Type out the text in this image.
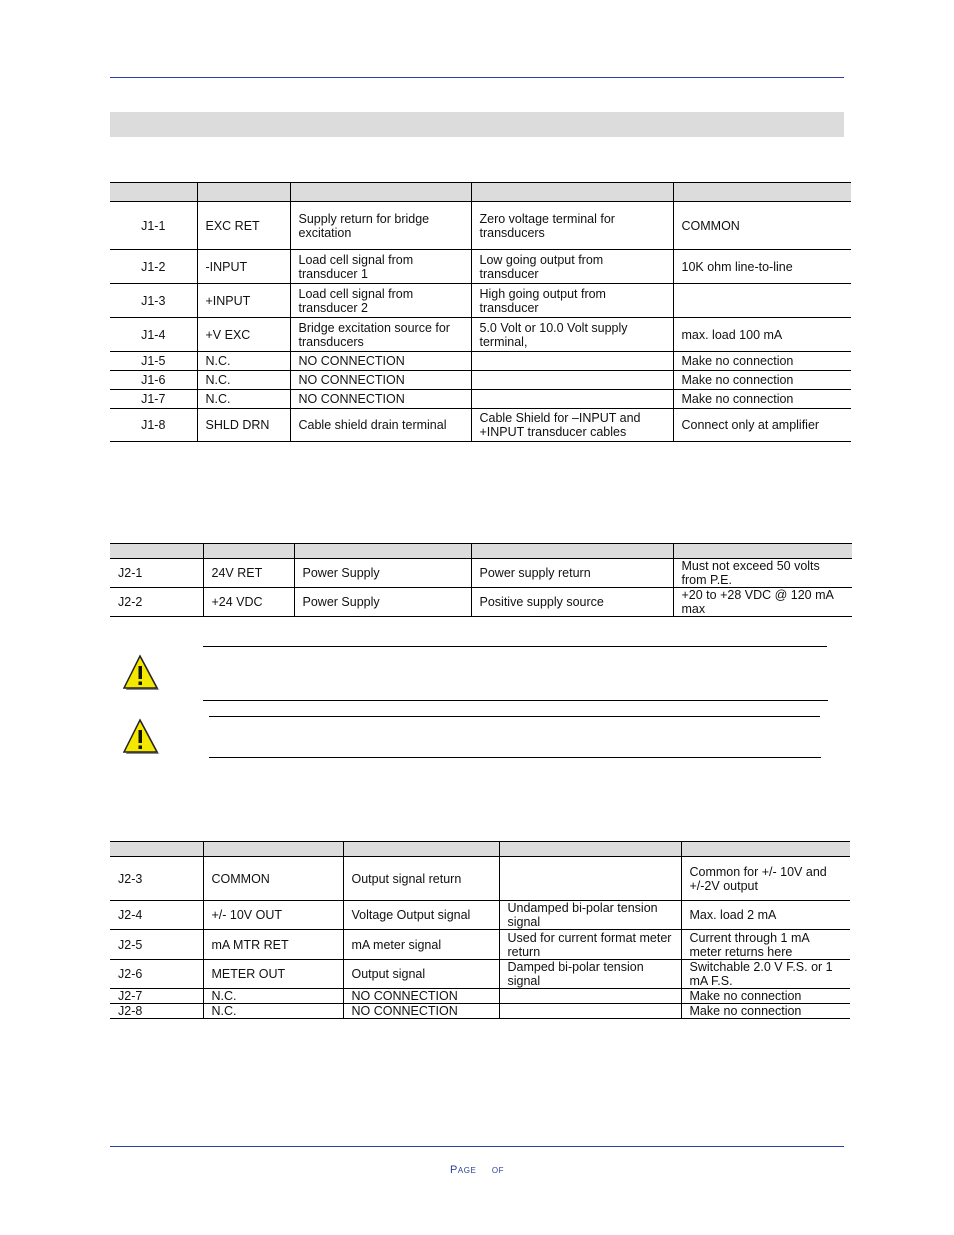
J1-1	EXC RET	Supply return for bridge excitation	Zero voltage terminal for transducers	COMMON
J1-2	-INPUT	Load cell signal from transducer 1	Low going output from transducer	10K ohm line-to-line
J1-3	+INPUT	Load cell signal from transducer 2	High going output from transducer	
J1-4	+V EXC	Bridge excitation source for transducers	5.0 Volt or 10.0 Volt supply terminal,	max. load 100 mA
J1-5	N.C.	NO CONNECTION		Make no connection
J1-6	N.C.	NO CONNECTION		Make no connection
J1-7	N.C.	NO CONNECTION		Make no connection
J1-8	SHLD DRN	Cable shield drain terminal	Cable Shield for –INPUT and +INPUT transducer cables	Connect only at amplifier

J2-1	24V RET	Power Supply	Power supply return	Must not exceed 50 volts from P.E.
J2-2	+24 VDC	Power Supply	Positive supply source	+20 to +28 VDC @ 120 mA max

J2-3	COMMON	Output signal return		Common for +/- 10V and +/-2V output
J2-4	+/- 10V OUT	Voltage Output signal	Undamped bi-polar tension signal	Max. load 2 mA
J2-5	mA MTR RET	mA meter signal	Used for current format meter return	Current through 1 mA meter returns here
J2-6	METER OUT	Output signal	Damped bi-polar tension signal	Switchable 2.0 V F.S. or 1 mA F.S.
J2-7	N.C.	NO CONNECTION		Make no connection
J2-8	N.C.	NO CONNECTION		Make no connection
Page of
